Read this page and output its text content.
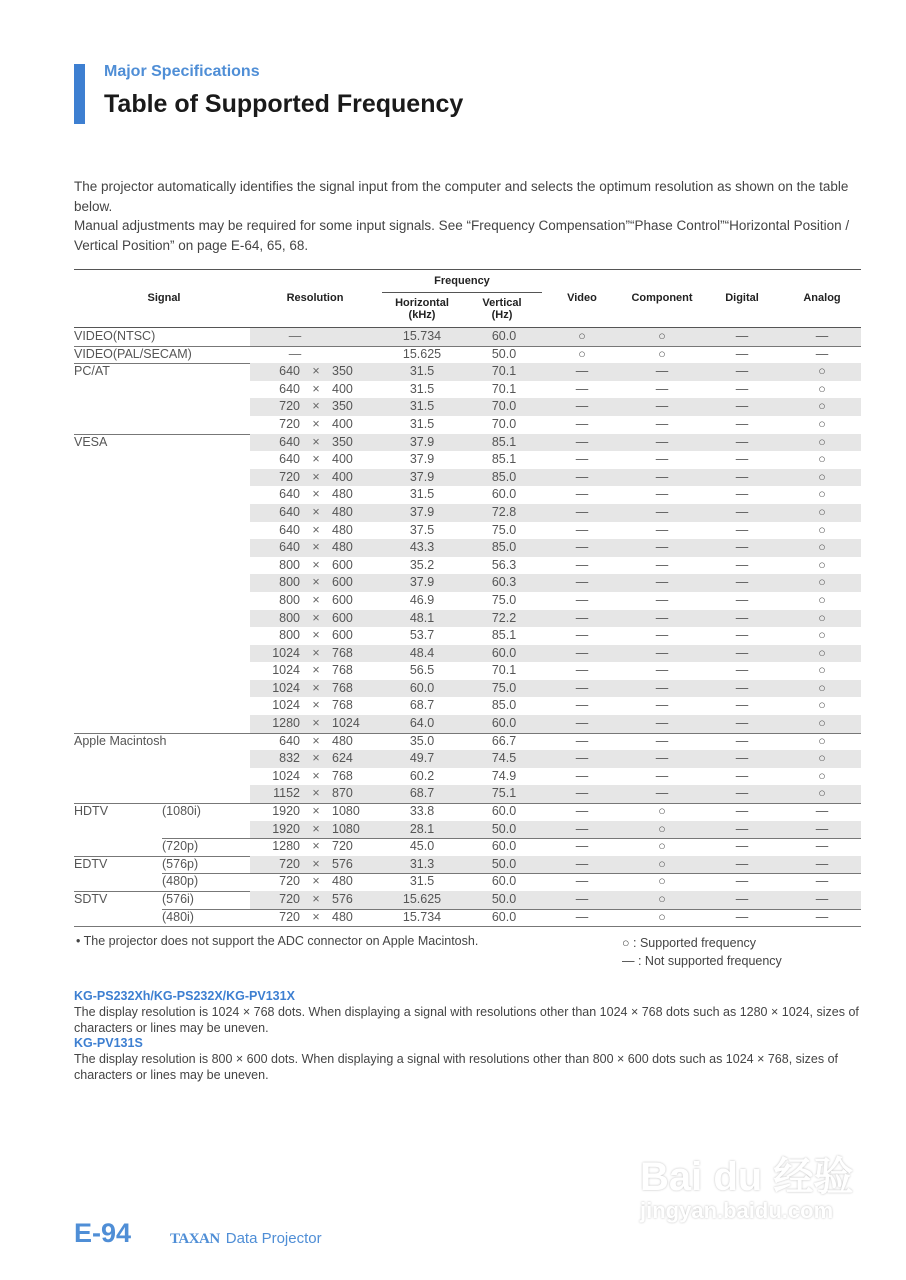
Major Specifications
Table of Supported Frequency

The projector automatically identifies the signal input from the computer and selects the optimum resolution as shown on the table below.

Manual adjustments may be required for some input signals. See “Frequency Compensation”“Phase Control”“Horizontal Position / Vertical Position” on page E-64, 65, 68.

Signal	Resolution
Frequency
Horizontal
(kHz)
Vertical
(Hz)
Video	Component	Digital	Analog
VIDEO(NTSC)	—	15.734	60.0	○	○	—	—
VIDEO(PAL/SECAM)	—	15.625	50.0	○	○	—	—
PC/AT	640 × 350	31.5	70.1	—	—	—	○
640 × 400	31.5	70.1	—	—	—	○
720 × 350	31.5	70.0	—	—	—	○
720 × 400	31.5	70.0	—	—	—	○
VESA	640 × 350	37.9	85.1	—	—	—	○
640 × 400	37.9	85.1	—	—	—	○
720 × 400	37.9	85.0	—	—	—	○
640 × 480	31.5	60.0	—	—	—	○
640 × 480	37.9	72.8	—	—	—	○
640 × 480	37.5	75.0	—	—	—	○
640 × 480	43.3	85.0	—	—	—	○
800 × 600	35.2	56.3	—	—	—	○
800 × 600	37.9	60.3	—	—	—	○
800 × 600	46.9	75.0	—	—	—	○
800 × 600	48.1	72.2	—	—	—	○
800 × 600	53.7	85.1	—	—	—	○
1024 × 768	48.4	60.0	—	—	—	○
1024 × 768	56.5	70.1	—	—	—	○
1024 × 768	60.0	75.0	—	—	—	○
1024 × 768	68.7	85.0	—	—	—	○
1280 × 1024	64.0	60.0	—	—	—	○
Apple Macintosh	640 × 480	35.0	66.7	—	—	—	○
832 × 624	49.7	74.5	—	—	—	○
1024 × 768	60.2	74.9	—	—	—	○
1152 × 870	68.7	75.1	—	—	—	○
HDTV	(1080i)	1920 × 1080	33.8	60.0	—	○	—	—
1920 × 1080	28.1	50.0	—	○	—	—
(720p)	1280 × 720	45.0	60.0	—	○	—	—
EDTV	(576p)	720 × 576	31.3	50.0	—	○	—	—
(480p)	720 × 480	31.5	60.0	—	○	—	—
SDTV	(576i)	720 × 576	15.625	50.0	—	○	—	—
(480i)	720 × 480	15.734	60.0	—	○	—	—
• The projector does not support the ADC connector on Apple Macintosh.	○ : Supported frequency
— : Not supported frequency
KG-PS232Xh/KG-PS232X/KG-PV131X
The display resolution is 1024 × 768 dots. When displaying a signal with resolutions other than 1024 × 768 dots such as 1280 × 1024, sizes of characters or lines may be uneven.
KG-PV131S
The display resolution is 800 × 600 dots. When displaying a signal with resolutions other than 800 × 600 dots such as 1024 × 768, sizes of characters or lines may be uneven.
Bai du 经验
jingyan.baidu.com
E-94	TAXAN Data Projector
